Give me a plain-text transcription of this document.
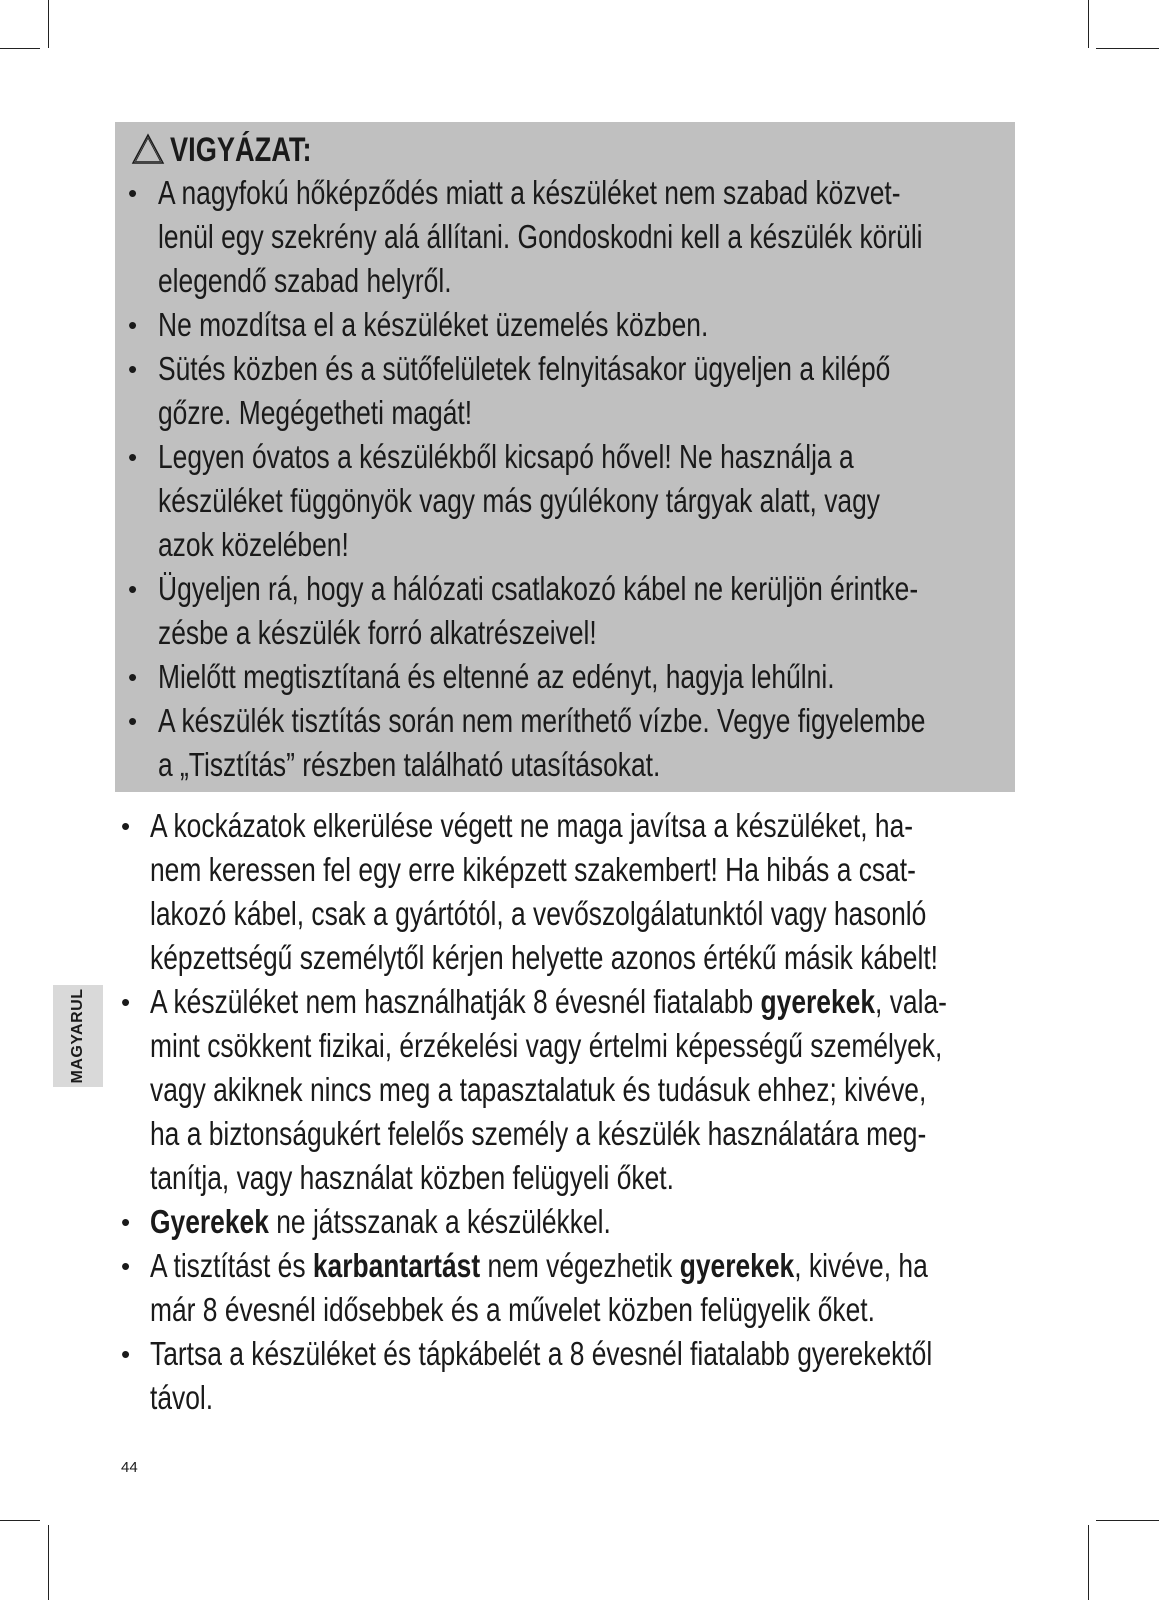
VIGYÁZAT:
• A nagyfokú hőképződés miatt a készüléket nem szabad közvet-
lenül egy szekrény alá állítani. Gondoskodni kell a készülék körüli
elegendő szabad helyről.
• Ne mozdítsa el a készüléket üzemelés közben.
• Sütés közben és a sütőfelületek felnyitásakor ügyeljen a kilépő
gőzre. Megégetheti magát!
• Legyen óvatos a készülékből kicsapó hővel! Ne használja a
készüléket függönyök vagy más gyúlékony tárgyak alatt, vagy
azok közelében!
• Ügyeljen rá, hogy a hálózati csatlakozó kábel ne kerüljön érintke-
zésbe a készülék forró alkatrészeivel!
• Mielőtt megtisztítaná és eltenné az edényt, hagyja lehűlni.
• A készülék tisztítás során nem meríthető vízbe. Vegye figyelembe
a „Tisztítás” részben található utasításokat.
• A kockázatok elkerülése végett ne maga javítsa a készüléket, ha-
nem keressen fel egy erre kiképzett szakembert! Ha hibás a csat-
lakozó kábel, csak a gyártótól, a vevőszolgálatunktól vagy hasonló
képzettségű személytől kérjen helyette azonos értékű másik kábelt!
• A készüléket nem használhatják 8 évesnél fiatalabb gyerekek, vala-
mint csökkent fizikai, érzékelési vagy értelmi képességű személyek,
vagy akiknek nincs meg a tapasztalatuk és tudásuk ehhez; kivéve,
ha a biztonságukért felelős személy a készülék használatára meg-
tanítja, vagy használat közben felügyeli őket.
• Gyerekek ne játsszanak a készülékkel.
• A tisztítást és karbantartást nem végezhetik gyerekek, kivéve, ha
már 8 évesnél idősebbek és a művelet közben felügyelik őket.
• Tartsa a készüléket és tápkábelét a 8 évesnél fiatalabb gyerekektől
távol.
MAGYARUL
44
